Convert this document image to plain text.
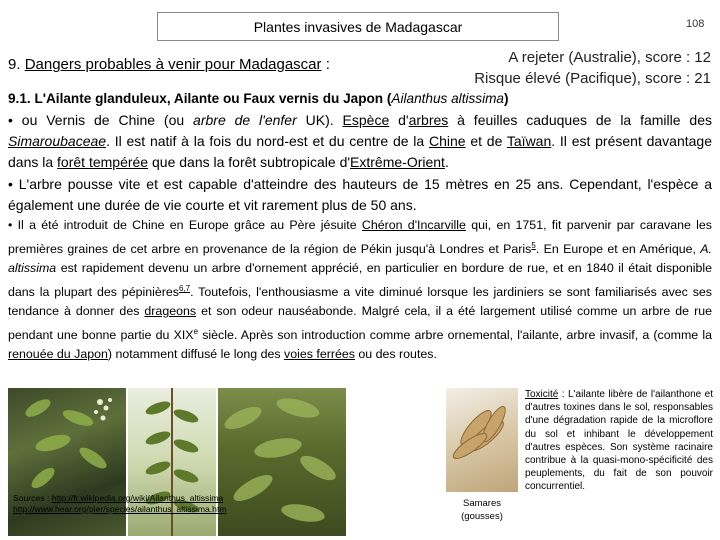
Plantes invasives de Madagascar	108
9. Dangers probables à venir pour Madagascar :	A rejeter (Australie), score : 12
Risque élevé (Pacifique), score : 21
9.1. L'Ailante glanduleux, Ailante ou Faux vernis du Japon (Ailanthus altissima)
• ou Vernis de Chine (ou arbre de l'enfer UK). Espèce d'arbres à feuilles caduques de la famille des Simaroubaceae. Il est natif à la fois du nord-est et du centre de la Chine et de Taïwan. Il est présent davantage dans la forêt tempérée que dans la forêt subtropicale d'Extrême-Orient.
• L'arbre pousse vite et est capable d'atteindre des hauteurs de 15 mètres en 25 ans. Cependant, l'espèce a également une durée de vie courte et vit rarement plus de 50 ans.
• Il a été introduit de Chine en Europe grâce au Père jésuite Chéron d'Incarville qui, en 1751, fit parvenir par caravane les premières graines de cet arbre en provenance de la région de Pékin jusqu'à Londres et Paris$^5$. En Europe et en Amérique, A. altissima est rapidement devenu un arbre d'ornement apprécié, en particulier en bordure de rue, et en 1840 il était disponible dans la plupart des pépinières$^{6,7}$. Toutefois, l'enthousiasme a vite diminué lorsque les jardiniers se sont familiarisés avec ses tendance à donner des drageons et son odeur nauséabonde. Malgré cela, il a été largement utilisé comme un arbre de rue pendant une bonne partie du XIXe siècle. Après son introduction comme arbre ornemental, l'ailante, arbre invasif, a (comme la renouée du Japon) notamment diffusé le long des voies ferrées ou des routes.
Sources : http://fr.wikipedia.org/wiki/Ailanthus_altissima
http://www.hear.org/pier/species/ailanthus_altissima.htm	Samares
(gousses)
Toxicité : L'ailante libère de l'ailanthone et d'autres toxines dans le sol, responsables d'une dégradation rapide de la microflore du sol et inhibant le développement d'autres espèces. Son système racinaire contribue à la quasi-mono-spécificité des peuplements, du fait de son pouvoir concurrentiel.
